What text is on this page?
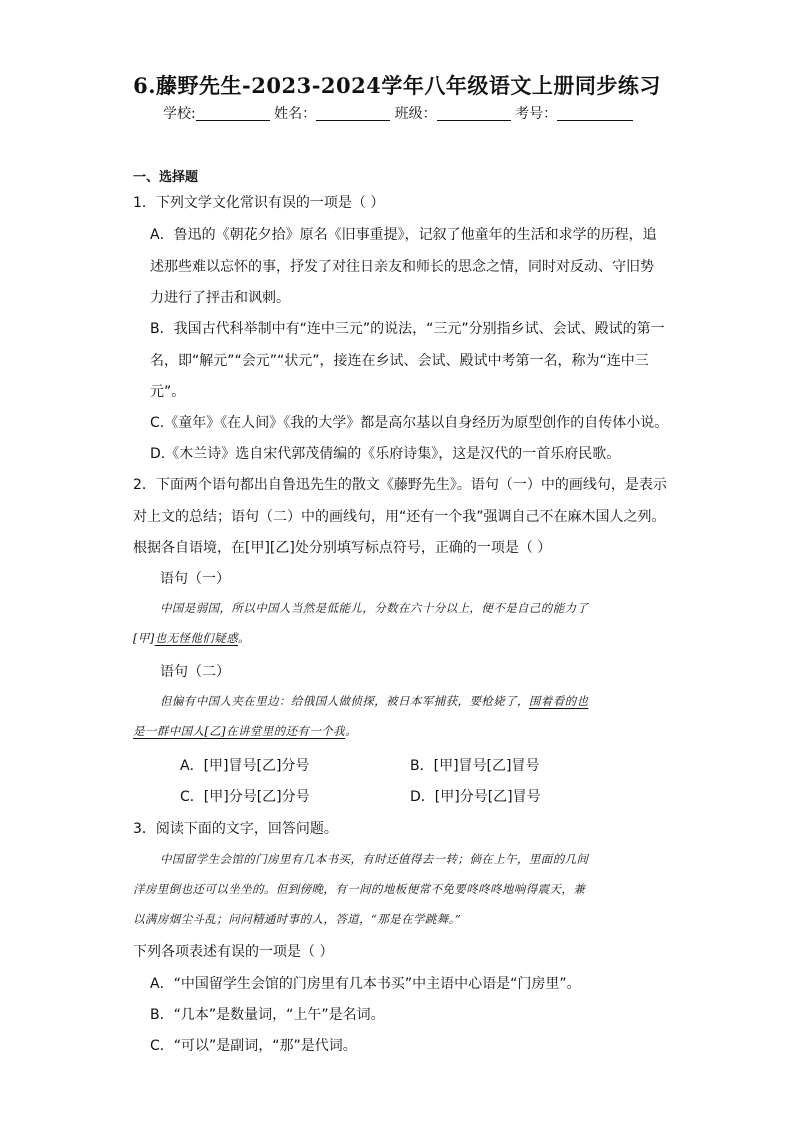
6.藤野先生-2023-2024学年八年级语文上册同步练习
学校:	姓名：	班级：	考号：
一、选择题
1．下列文学文化常识有误的一项是（ ）
A．鲁迅的《朝花夕拾》原名《旧事重提》，记叙了他童年的生活和求学的历程，追
述那些难以忘怀的事，抒发了对往日亲友和师长的思念之情，同时对反动、守旧势
力进行了抨击和讽刺。
B．我国古代科举制中有“连中三元”的说法，“三元”分别指乡试、会试、殿试的第一
名，即“解元”“会元”“状元”，接连在乡试、会试、殿试中考第一名，称为“连中三
元”。
C.《童年》《在人间》《我的大学》都是高尔基以自身经历为原型创作的自传体小说。
D.《木兰诗》选自宋代郭茂倩编的《乐府诗集》，这是汉代的一首乐府民歌。
2．下面两个语句都出自鲁迅先生的散文《藤野先生》。语句（一）中的画线句，是表示
对上文的总结；语句（二）中的画线句，用“还有一个我”强调自己不在麻木国人之列。
根据各自语境，在[甲][乙]处分别填写标点符号，正确的一项是（ ）
语句（一）
中国是弱国，所以中国人当然是低能儿，分数在六十分以上，便不是自己的能力了
[甲]也无怪他们疑惑。
语句（二）
但偏有中国人夹在里边：给俄国人做侦探，被日本军捕获，要枪毙了，围着看的也
是一群中国人[乙]在讲堂里的还有一个我。
A．[甲]冒号[乙]分号	B．[甲]冒号[乙]冒号
C．[甲]分号[乙]分号	D．[甲]分号[乙]冒号
3．阅读下面的文字，回答问题。
中国留学生会馆的门房里有几本书买，有时还值得去一转；倘在上午，里面的几间
洋房里倒也还可以坐坐的。但到傍晚，有一间的地板便常不免要咚咚咚地响得震天，兼
以满房烟尘斗乱；问问精通时事的人，答道，“那是在学跳舞。”
下列各项表述有误的一项是（ ）
A．“中国留学生会馆的门房里有几本书买”中主语中心语是“门房里”。
B．“几本”是数量词，“上午”是名词。
C．“可以”是副词，“那”是代词。
